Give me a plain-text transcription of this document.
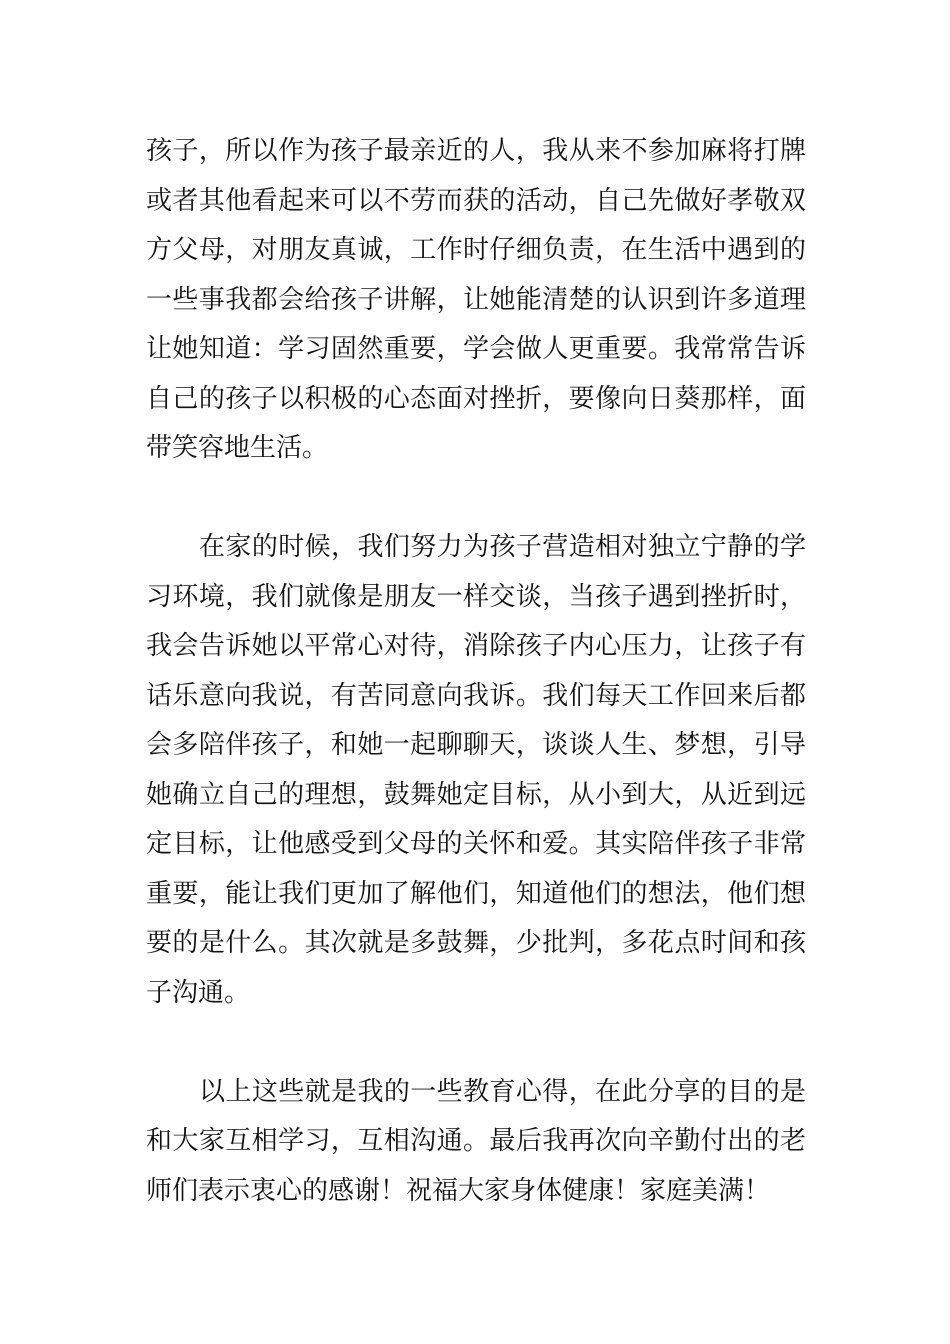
孩子，所以作为孩子最亲近的人，我从来不参加麻将打牌
或者其他看起来可以不劳而获的活动，自己先做好孝敬双
方父母，对朋友真诚，工作时仔细负责，在生活中遇到的
一些事我都会给孩子讲解，让她能清楚的认识到许多道理
让她知道：学习固然重要，学会做人更重要。我常常告诉
自己的孩子以积极的心态面对挫折，要像向日葵那样，面
带笑容地生活。
在家的时候，我们努力为孩子营造相对独立宁静的学
习环境，我们就像是朋友一样交谈，当孩子遇到挫折时，
我会告诉她以平常心对待，消除孩子内心压力，让孩子有
话乐意向我说，有苦同意向我诉。我们每天工作回来后都
会多陪伴孩子，和她一起聊聊天，谈谈人生、梦想，引导
她确立自己的理想，鼓舞她定目标，从小到大，从近到远
定目标，让他感受到父母的关怀和爱。其实陪伴孩子非常
重要，能让我们更加了解他们，知道他们的想法，他们想
要的是什么。其次就是多鼓舞，少批判，多花点时间和孩
子沟通。
以上这些就是我的一些教育心得，在此分享的目的是
和大家互相学习，互相沟通。最后我再次向辛勤付出的老
师们表示衷心的感谢！祝福大家身体健康！家庭美满！
